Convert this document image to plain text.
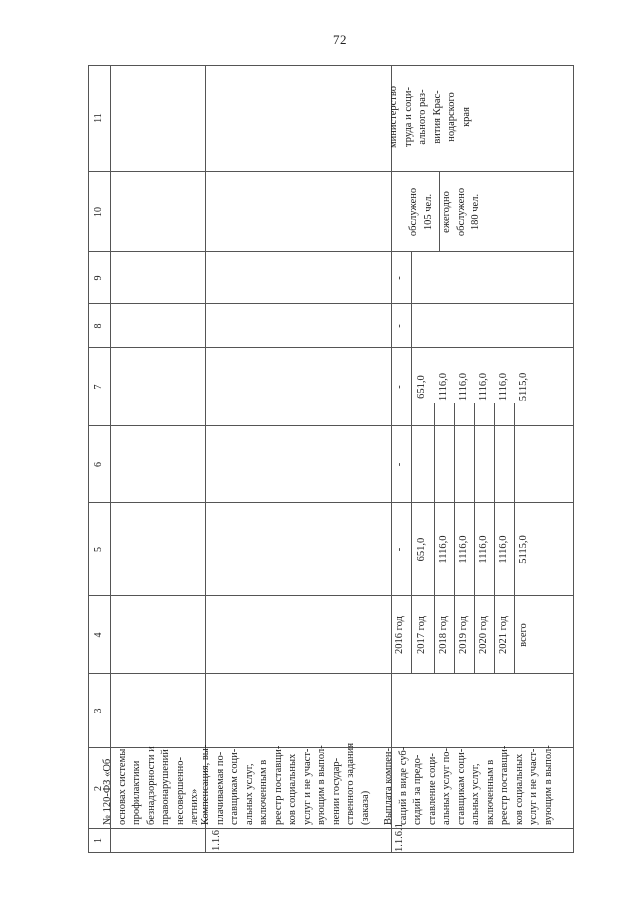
72
1
2
3
4
5
6
7
8
9
10
11
№ 120-ФЗ «Об
основах системы
профилактики
безнадзорности и
правонарушений
несовершенно-
летних»
1.1.6
Компенсация, вы-
плачиваемая по-
ставщикам соци-
альных услуг,
включенным в
реестр поставщи-
ков социальных
услуг и не участ-
вующим в выпол-
нении государ-
ственного задания
(заказа)
1.1.6.1
Выплата компен-
саций в виде суб-
сидий за предо-
ставление соци-
альных услуг по-
ставщикам соци-
альных услуг,
включенным в
реестр поставщи-
ков социальных
услуг и не участ-
вующим в выпол-
2016 год 2017 год 2018 год 2019 год 2020 год 2021 год всего
- 651,0 1116,0 1116,0 1116,0 1116,0 5115,0
-
- 651,0 1116,0 1116,0 1116,0 1116,0 5115,0
-
-
обслужено
105 чел. ежегодно
обслужено
180 чел.
министерство
труда и соци-
ального раз-
вития Крас-
нодарского
края
